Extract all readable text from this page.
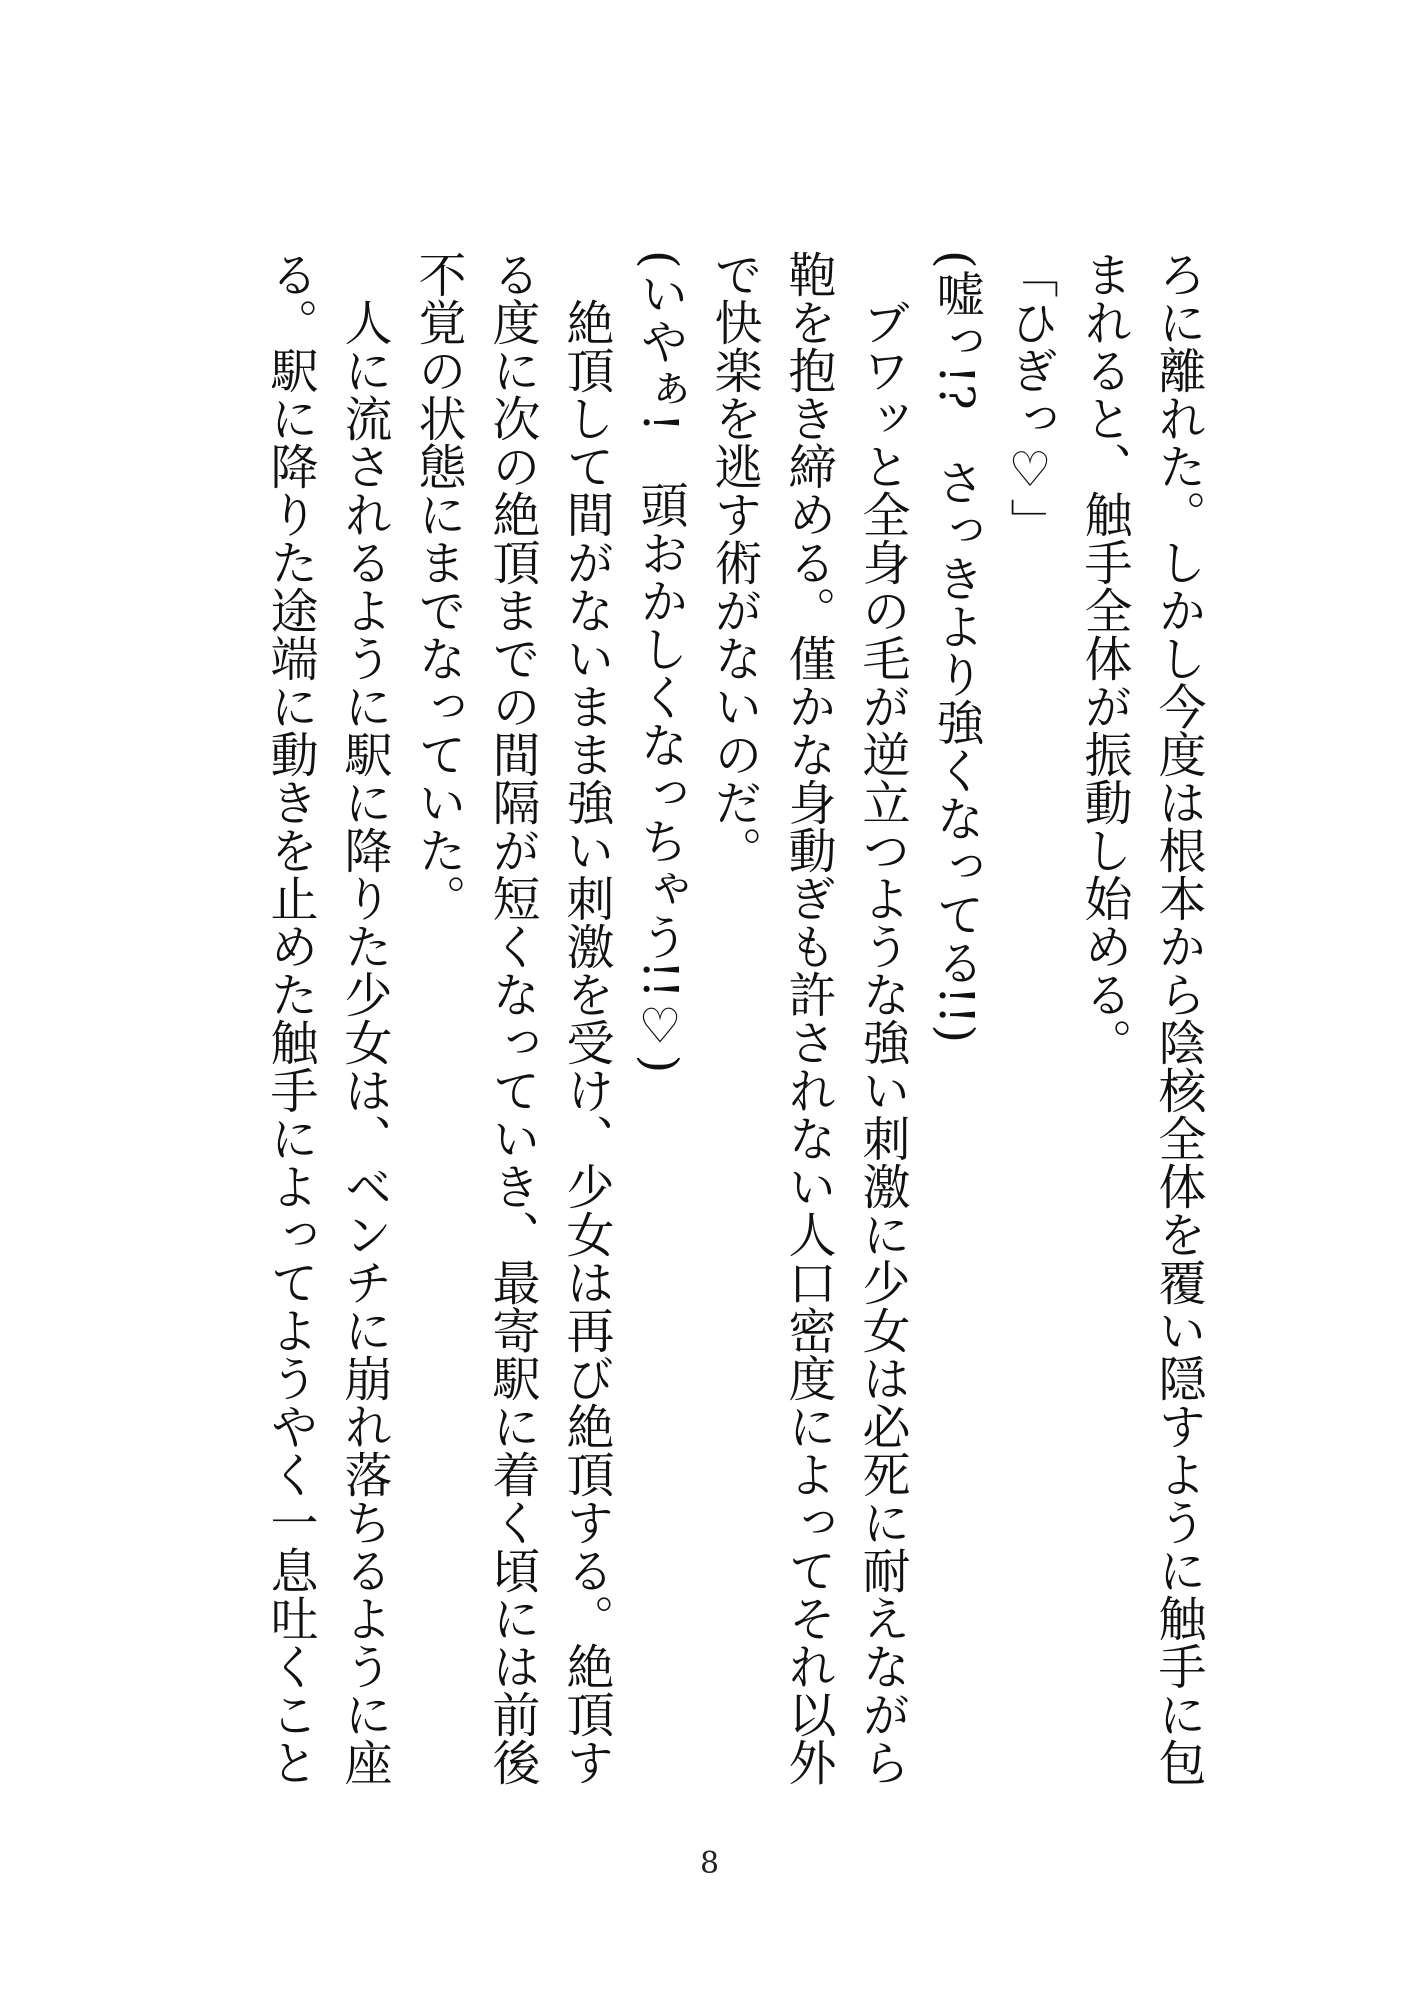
ろに離れた。しかし今度は根本から陰核全体を覆い隠すように触手に包
まれると、触手全体が振動し始める。
「ひぎっ♡」
(嘘っ!?　さっきより強くなってる!!)
　ブワッと全身の毛が逆立つような強い刺激に少女は必死に耐えながら
鞄を抱き締める。僅かな身動ぎも許されない人口密度によってそれ以外
で快楽を逃す術がないのだ。
(いやぁ!　頭おかしくなっちゃう!!♡)
　絶頂して間がないまま強い刺激を受け、少女は再び絶頂する。絶頂す
る度に次の絶頂までの間隔が短くなっていき、最寄駅に着く頃には前後
不覚の状態にまでなっていた。
　人に流されるように駅に降りた少女は、ベンチに崩れ落ちるように座
る。駅に降りた途端に動きを止めた触手によってようやく一息吐くこと
8
